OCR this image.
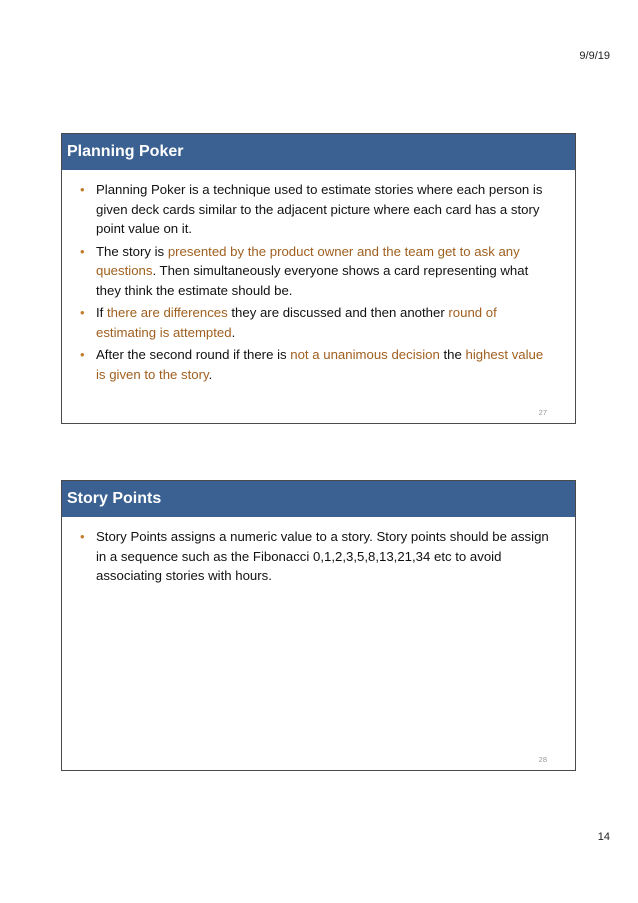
9/9/19
Planning Poker
• Planning Poker is a technique used to estimate stories where each person is given deck cards similar to the adjacent picture where each card has a story point value on it.
• The story is presented by the product owner and the team get to ask any questions. Then simultaneously everyone shows a card representing what they think the estimate should be.
• If there are differences they are discussed and then another round of estimating is attempted.
• After the second round if there is not a unanimous decision the highest value is given to the story.
27
Story Points
• Story Points assigns a numeric value to a story. Story points should be assign in a sequence such as the Fibonacci 0,1,2,3,5,8,13,21,34 etc to avoid associating stories with hours.
28
14
